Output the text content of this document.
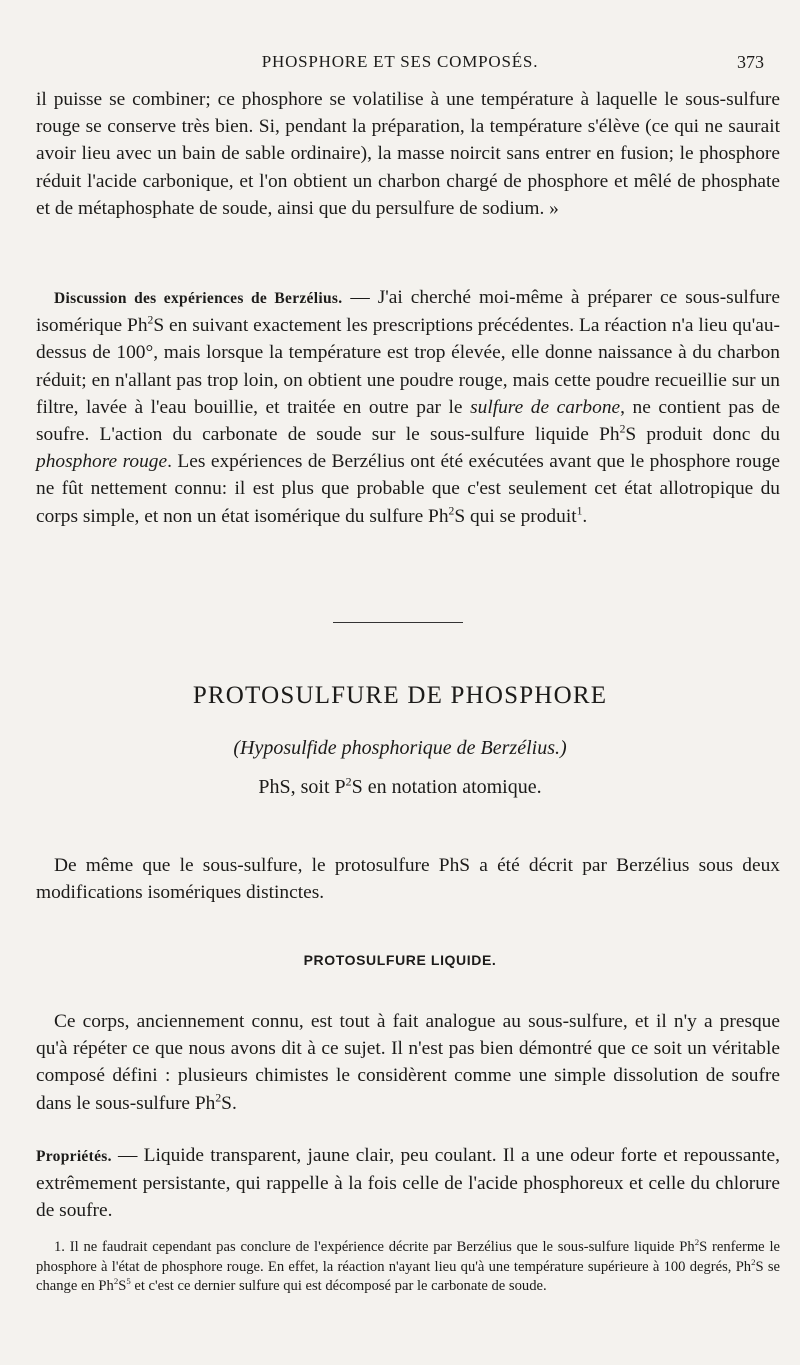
PHOSPHORE ET SES COMPOSÉS.	373

il puisse se combiner; ce phosphore se volatilise à une température à laquelle le sous-sulfure rouge se conserve très bien. Si, pendant la préparation, la température s'élève (ce qui ne saurait avoir lieu avec un bain de sable ordinaire), la masse noircit sans entrer en fusion; le phosphore réduit l'acide carbonique, et l'on obtient un charbon chargé de phosphore et mêlé de phosphate et de métaphosphate de soude, ainsi que du persulfure de sodium. »

Discussion des expériences de Berzélius. — J'ai cherché moi-même à préparer ce sous-sulfure isomérique Ph$^2$S en suivant exactement les prescriptions précédentes. La réaction n'a lieu qu'au-dessus de 100°, mais lorsque la température est trop élevée, elle donne naissance à du charbon réduit; en n'allant pas trop loin, on obtient une poudre rouge, mais cette poudre recueillie sur un filtre, lavée à l'eau bouillie, et traitée en outre par le sulfure de carbone, ne contient pas de soufre. L'action du carbonate de soude sur le sous-sulfure liquide Ph$^2$S produit donc du phosphore rouge. Les expériences de Berzélius ont été exécutées avant que le phosphore rouge ne fût nettement connu: il est plus que probable que c'est seulement cet état allotropique du corps simple, et non un état isomérique du sulfure Ph$^2$S qui se produit$^1$.

PROTOSULFURE DE PHOSPHORE
(Hyposulfide phosphorique de Berzélius.)
PhS, soit $P^2S$ en notation atomique.

De même que le sous-sulfure, le protosulfure PhS a été décrit par Berzélius sous deux modifications isomériques distinctes.

PROTOSULFURE LIQUIDE.

Ce corps, anciennement connu, est tout à fait analogue au sous-sulfure, et il n'y a presque qu'à répéter ce que nous avons dit à ce sujet. Il n'est pas bien démontré que ce soit un véritable composé défini : plusieurs chimistes le considèrent comme une simple dissolution de soufre dans le sous-sulfure Ph$^2$S.

Propriétés. — Liquide transparent, jaune clair, peu coulant. Il a une odeur forte et repoussante, extrêmement persistante, qui rappelle à la fois celle de l'acide phosphoreux et celle du chlorure de soufre.

1. Il ne faudrait cependant pas conclure de l'expérience décrite par Berzélius que le sous-sulfure liquide Ph$^2$S renferme le phosphore à l'état de phosphore rouge. En effet, la réaction n'ayant lieu qu'à une température supérieure à 100 degrés, Ph$^2$S se change en $Ph^2S^5$ et c'est ce dernier sulfure qui est décomposé par le carbonate de soude.
